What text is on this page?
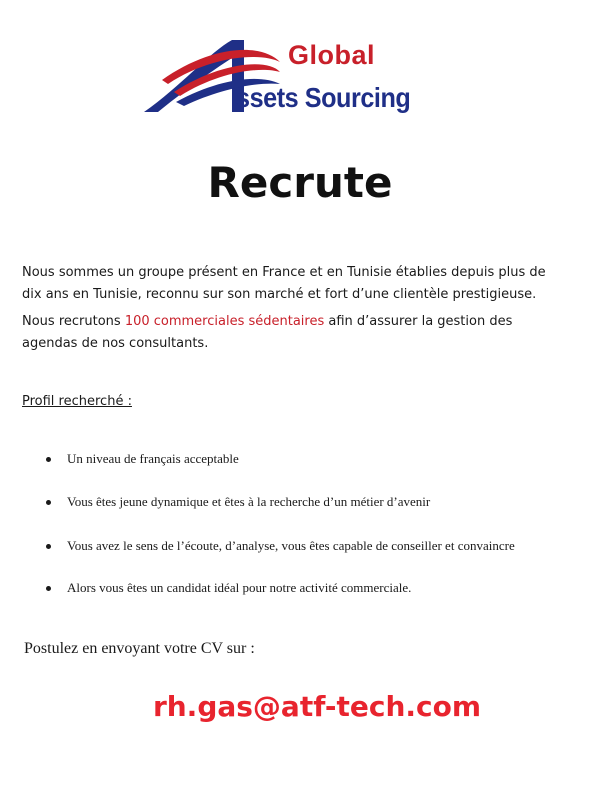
Global
ssets Sourcing
Recrute

Nous sommes un groupe présent en France et en Tunisie établies depuis plus de dix ans en Tunisie, reconnu sur son marché et fort d’une clientèle prestigieuse.

Nous recrutons 100 commerciales sédentaires afin d’assurer la gestion des agendas de nos consultants.

Profil recherché :
Un niveau de français acceptable
Vous êtes jeune dynamique et êtes à la recherche d’un métier d’avenir
Vous avez le sens de l’écoute, d’analyse, vous êtes capable de conseiller et convaincre
Alors vous êtes un candidat idéal pour notre activité commerciale.
Postulez en envoyant votre CV sur :
rh.gas@atf-tech.com
